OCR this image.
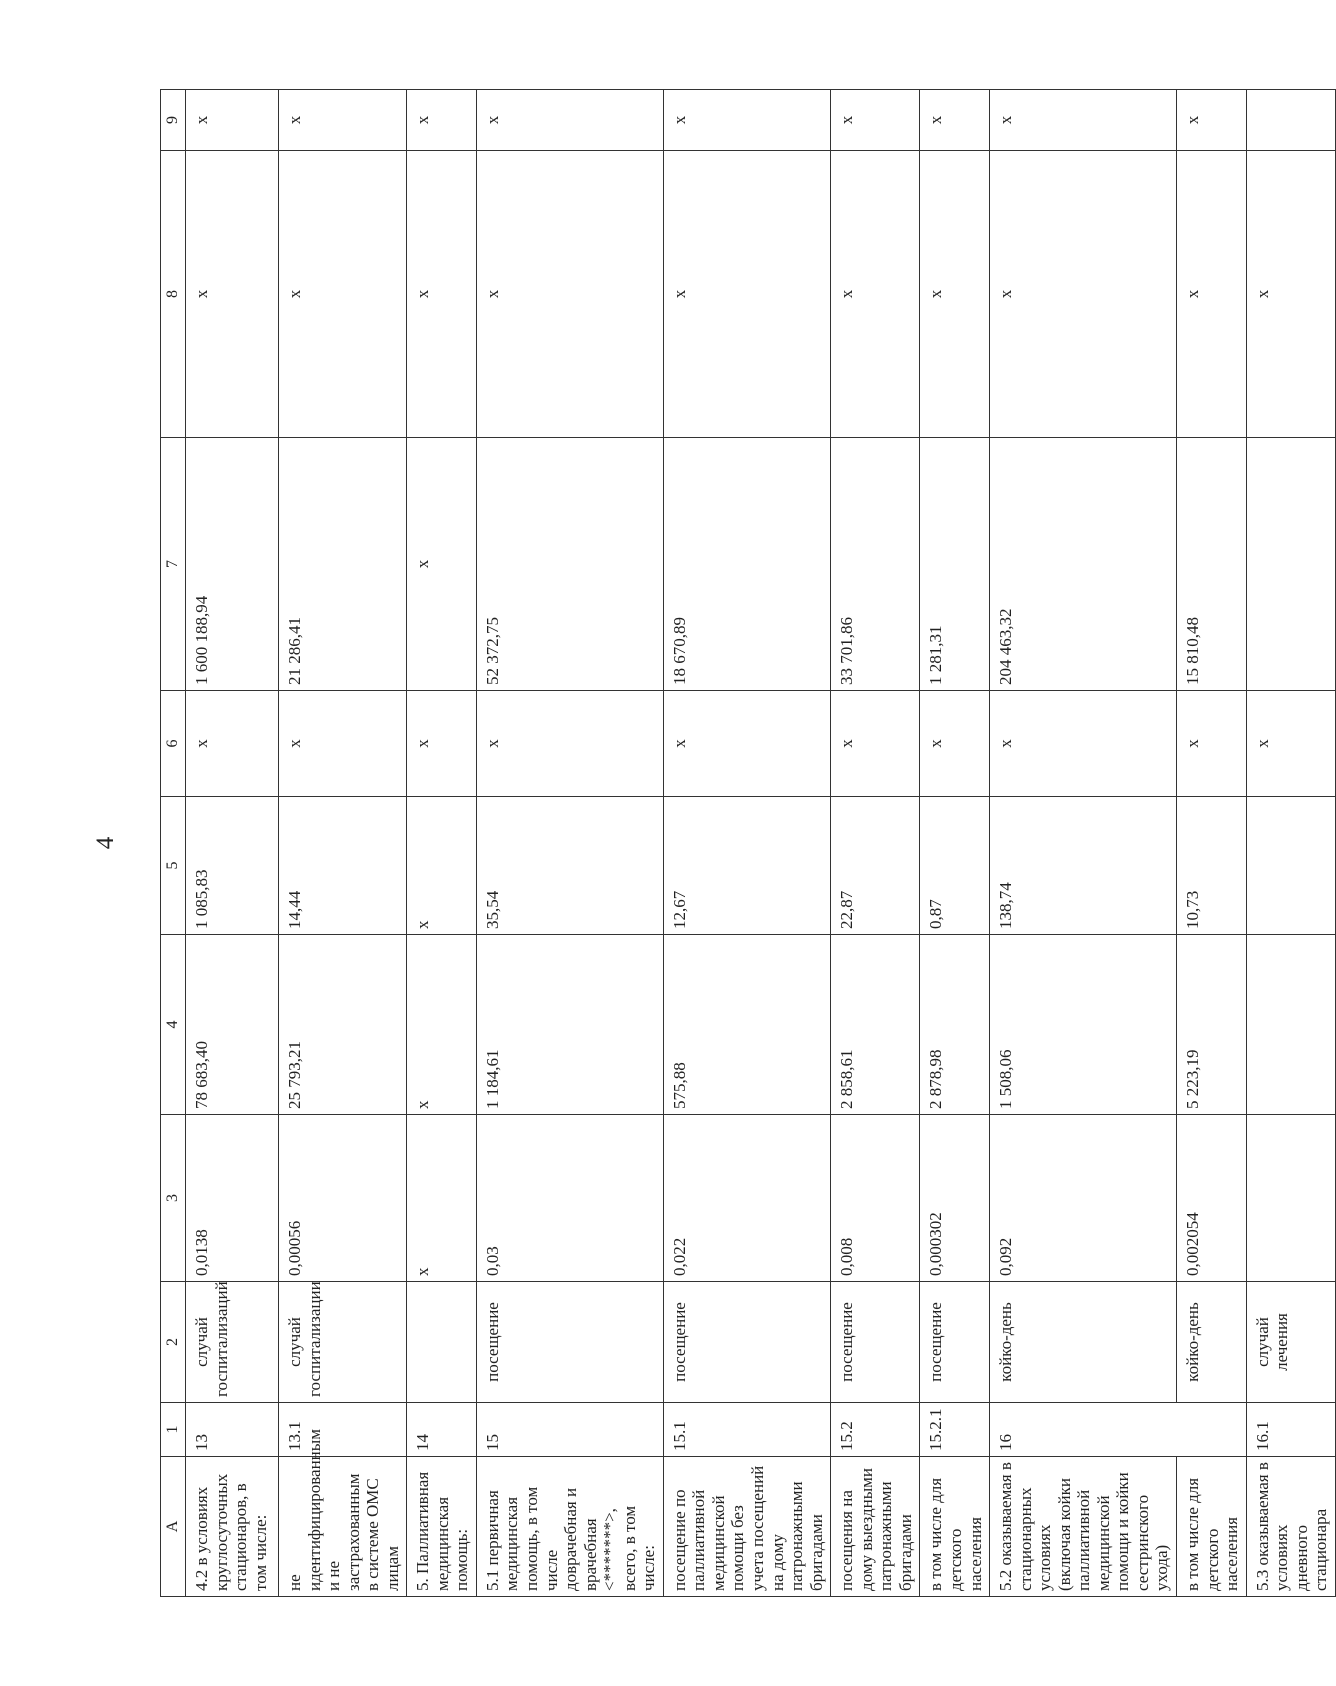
4
А	1	2	3	4	5	6	7	8	9
4.2 в условиях круглосуточных стационаров, в том числе:	13	случай госпитализаций	0,0138	78 683,40	1 085,83	х	1 600 188,94	х	х
не идентифицированным и не застрахованным в системе ОМС лицам	13.1	случай госпитализации	0,00056	25 793,21	14,44	х	21 286,41	х	х
5. Паллиативная медицинская помощь:	14		х	х	х	х	х	х	х
5.1 первичная медицинская помощь, в том числе доврачебная и врачебная <*******>, всего, в том числе:	15	посещение	0,03	1 184,61	35,54	х	52 372,75	х	х
посещение по паллиативной медицинской помощи без учета посещений на дому патронажными бригадами	15.1	посещение	0,022	575,88	12,67	х	18 670,89	х	х
посещения на дому выездными патронажными бригадами	15.2	посещение	0,008	2 858,61	22,87	х	33 701,86	х	х
в том числе для детского населения	15.2.1	посещение	0,000302	2 878,98	0,87	х	1 281,31	х	х
5.2 оказываемая в стационарных условиях (включая койки паллиативной медицинской помощи и койки сестринского ухода)	16	койко-день	0,092	1 508,06	138,74	х	204 463,32	х	х
в том числе для детского населения		койко-день	0,002054	5 223,19	10,73	х	15 810,48	х	х
5.3 оказываемая в условиях дневного стационара	16.1	случай лечения				х		х	
